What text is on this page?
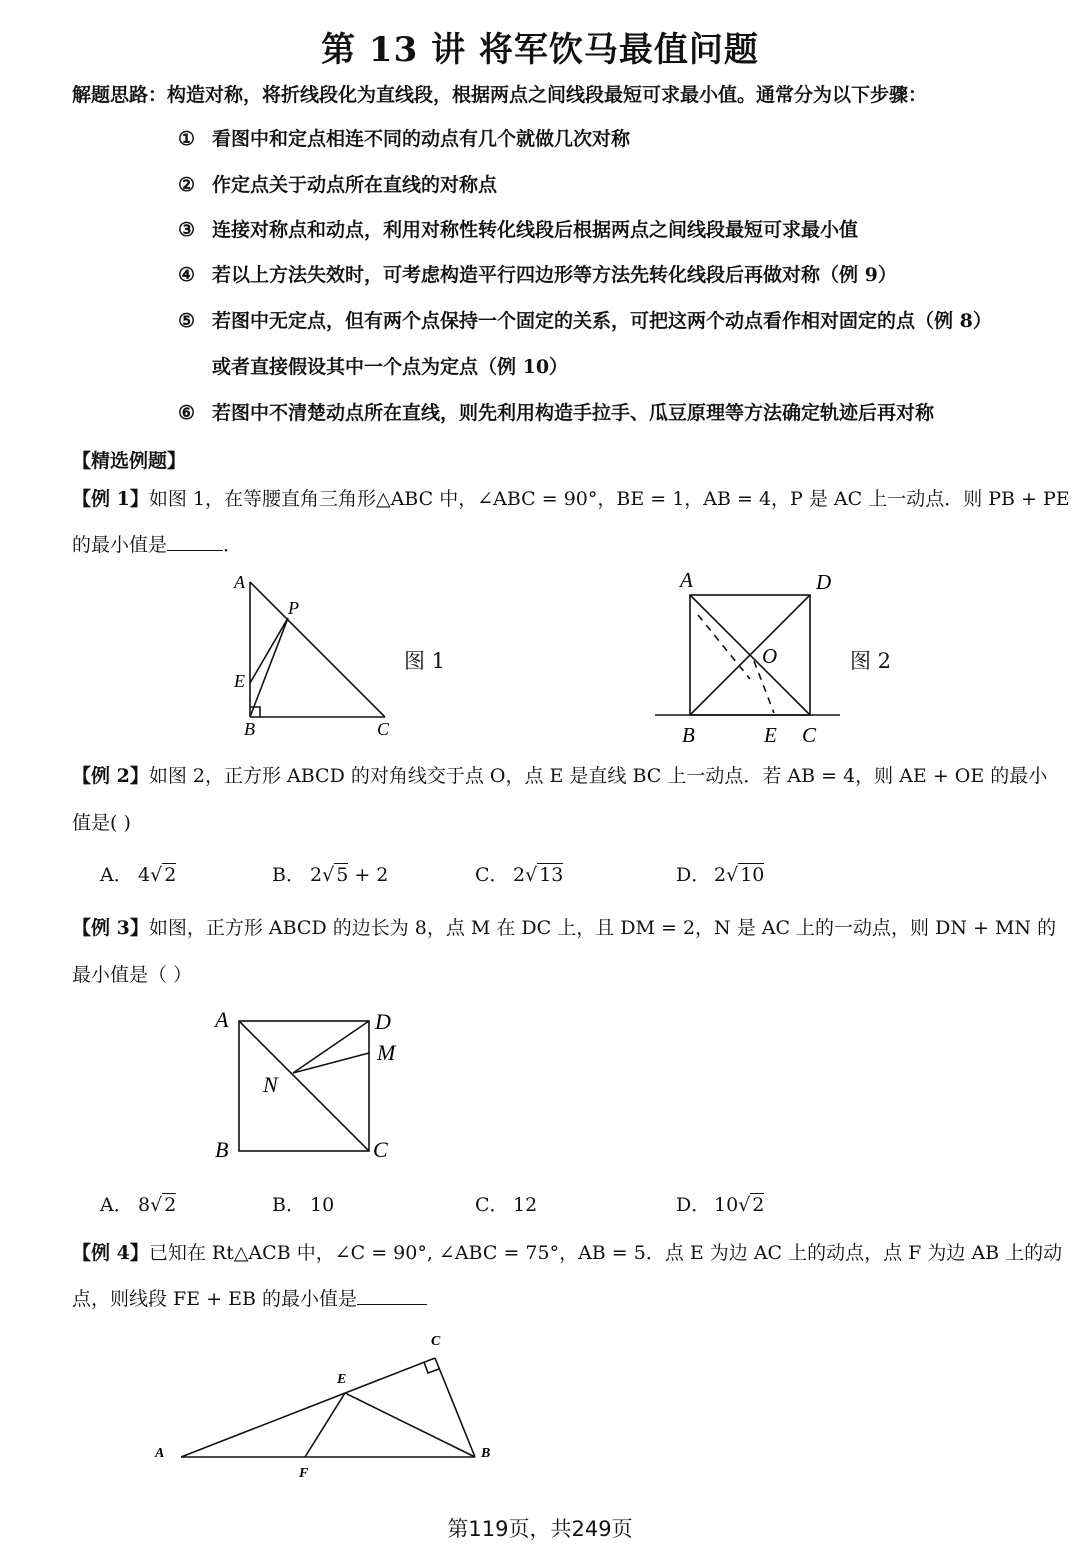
第 13 讲 将军饮马最值问题
解题思路：构造对称，将折线段化为直线段，根据两点之间线段最短可求最小值。通常分为以下步骤：
① 看图中和定点相连不同的动点有几个就做几次对称
② 作定点关于动点所在直线的对称点
③ 连接对称点和动点，利用对称性转化线段后根据两点之间线段最短可求最小值
④ 若以上方法失效时，可考虑构造平行四边形等方法先转化线段后再做对称（例 9）
⑤ 若图中无定点，但有两个点保持一个固定的关系，可把这两个动点看作相对固定的点（例 8）
或者直接假设其中一个点为定点（例 10）
⑥ 若图中不清楚动点所在直线，则先利用构造手拉手、瓜豆原理等方法确定轨迹后再对称
【精选例题】
【例 1】如图 1，在等腰直角三角形△ABC 中，∠ABC = 90°，BE = 1，AB = 4，P 是 AC 上一动点．则 PB + PE
的最小值是	．
A
P
E
B	C
图 1
A	D
O
B	E C
图 2
【例 2】如图 2，正方形 ABCD 的对角线交于点 O，点 E 是直线 BC 上一动点．若 AB = 4，则 AE + OE 的最小
值是( )
A． 4√ 2	B． 2√ 5 + 2	C． 2√ 13	D． 2√ 10
【例 3】如图，正方形 ABCD 的边长为 8，点 M 在 DC 上，且 DM = 2，N 是 AC 上的一动点，则 DN + MN 的
最小值是（ ）
A	D
M
N
B	C
A． 8√ 2	B． 10	C． 12	D． 10√ 2
【例 4】已知在 Rt△ACB 中，∠C = 90°, ∠ABC = 75°，AB = 5．点 E 为边 AC 上的动点，点 F 为边 AB 上的动
点，则线段 FE + EB 的最小值是
A
C
E
B
F
第119页，共249页
